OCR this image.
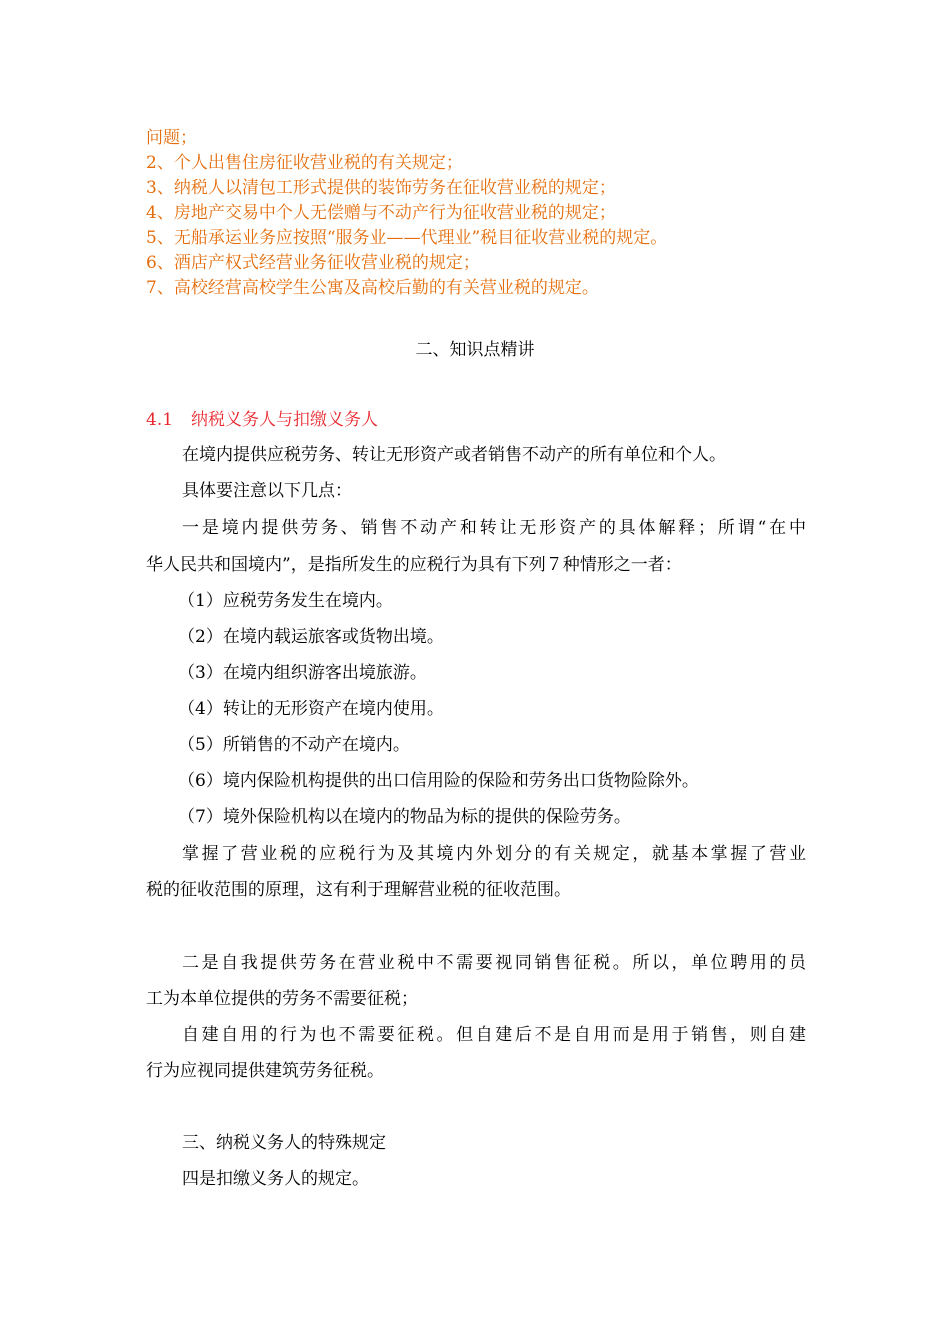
问题；
2、个人出售住房征收营业税的有关规定；
3、纳税人以清包工形式提供的装饰劳务在征收营业税的规定；
4、房地产交易中个人无偿赠与不动产行为征收营业税的规定；
5、无船承运业务应按照“服务业——代理业”税目征收营业税的规定。
6、酒店产权式经营业务征收营业税的规定；
7、高校经营高校学生公寓及高校后勤的有关营业税的规定。
二、知识点精讲
4.1 纳税义务人与扣缴义务人
在境内提供应税劳务、转让无形资产或者销售不动产的所有单位和个人。
具体要注意以下几点：
一是境内提供劳务、销售不动产和转让无形资产的具体解释；所谓“在中
华人民共和国境内”，是指所发生的应税行为具有下列７种情形之一者：
（1）应税劳务发生在境内。
（2）在境内载运旅客或货物出境。
（3）在境内组织游客出境旅游。
（4）转让的无形资产在境内使用。
（5）所销售的不动产在境内。
（6）境内保险机构提供的出口信用险的保险和劳务出口货物险除外。
（7）境外保险机构以在境内的物品为标的提供的保险劳务。
掌握了营业税的应税行为及其境内外划分的有关规定，就基本掌握了营业
税的征收范围的原理，这有利于理解营业税的征收范围。
二是自我提供劳务在营业税中不需要视同销售征税。所以，单位聘用的员
工为本单位提供的劳务不需要征税；
自建自用的行为也不需要征税。但自建后不是自用而是用于销售，则自建
行为应视同提供建筑劳务征税。
三、纳税义务人的特殊规定
四是扣缴义务人的规定。
